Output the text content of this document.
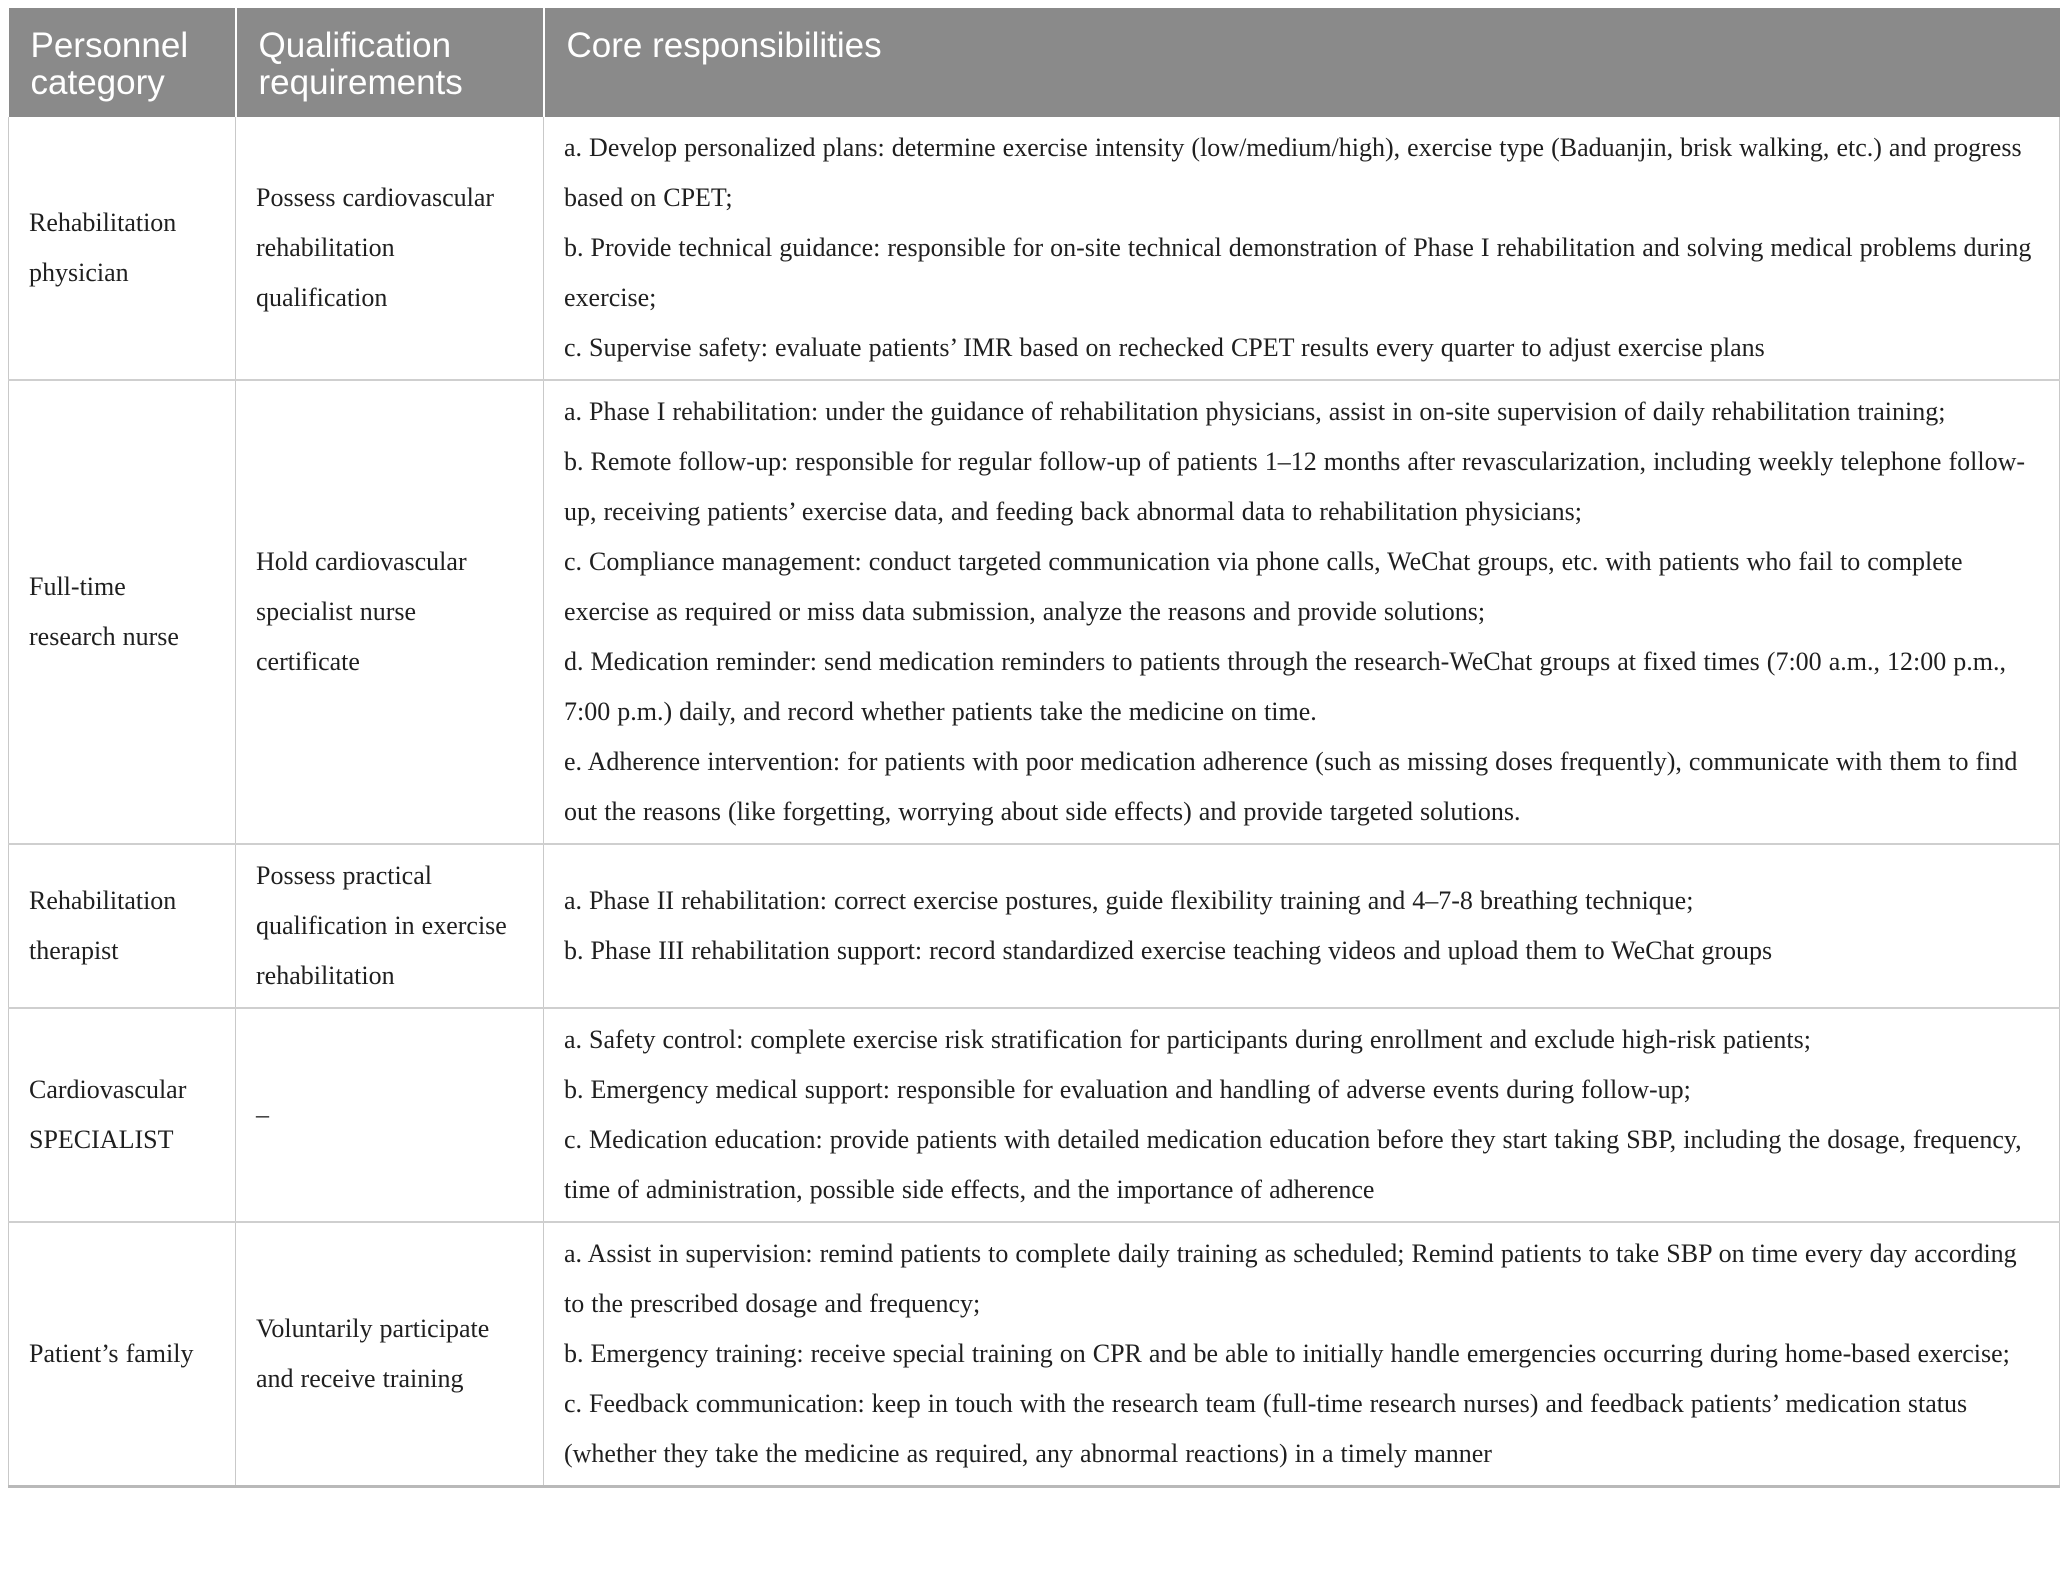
Personnel category	Qualification requirements	Core responsibilities
Rehabilitation physician	Possess cardiovascular rehabilitation qualification	a. Develop personalized plans: determine exercise intensity (low/medium/high), exercise type (Baduanjin, brisk walking, etc.) and progress based on CPET;
b. Provide technical guidance: responsible for on-site technical demonstration of Phase I rehabilitation and solving medical problems during exercise;
c. Supervise safety: evaluate patients’ IMR based on rechecked CPET results every quarter to adjust exercise plans

Full-time research nurse	Hold cardiovascular specialist nurse certificate	a. Phase I rehabilitation: under the guidance of rehabilitation physicians, assist in on-site supervision of daily rehabilitation training;
b. Remote follow-up: responsible for regular follow-up of patients 1–12 months after revascularization, including weekly telephone follow-up, receiving patients’ exercise data, and feeding back abnormal data to rehabilitation physicians;
c. Compliance management: conduct targeted communication via phone calls, WeChat groups, etc. with patients who fail to complete exercise as required or miss data submission, analyze the reasons and provide solutions;
d. Medication reminder: send medication reminders to patients through the research-WeChat groups at fixed times (7:00 a.m., 12:00 p.m., 7:00 p.m.) daily, and record whether patients take the medicine on time.
e. Adherence intervention: for patients with poor medication adherence (such as missing doses frequently), communicate with them to find out the reasons (like forgetting, worrying about side effects) and provide targeted solutions.

Rehabilitation therapist	Possess practical qualification in exercise rehabilitation	a. Phase II rehabilitation: correct exercise postures, guide flexibility training and 4–7-8 breathing technique;
b. Phase III rehabilitation support: record standardized exercise teaching videos and upload them to WeChat groups

Cardiovascular SPECIALIST	–	a. Safety control: complete exercise risk stratification for participants during enrollment and exclude high-risk patients;
b. Emergency medical support: responsible for evaluation and handling of adverse events during follow-up;
c. Medication education: provide patients with detailed medication education before they start taking SBP, including the dosage, frequency, time of administration, possible side effects, and the importance of adherence

Patient’s family	Voluntarily participate and receive training	a. Assist in supervision: remind patients to complete daily training as scheduled; Remind patients to take SBP on time every day according to the prescribed dosage and frequency;
b. Emergency training: receive special training on CPR and be able to initially handle emergencies occurring during home-based exercise;
c. Feedback communication: keep in touch with the research team (full-time research nurses) and feedback patients’ medication status (whether they take the medicine as required, any abnormal reactions) in a timely manner
